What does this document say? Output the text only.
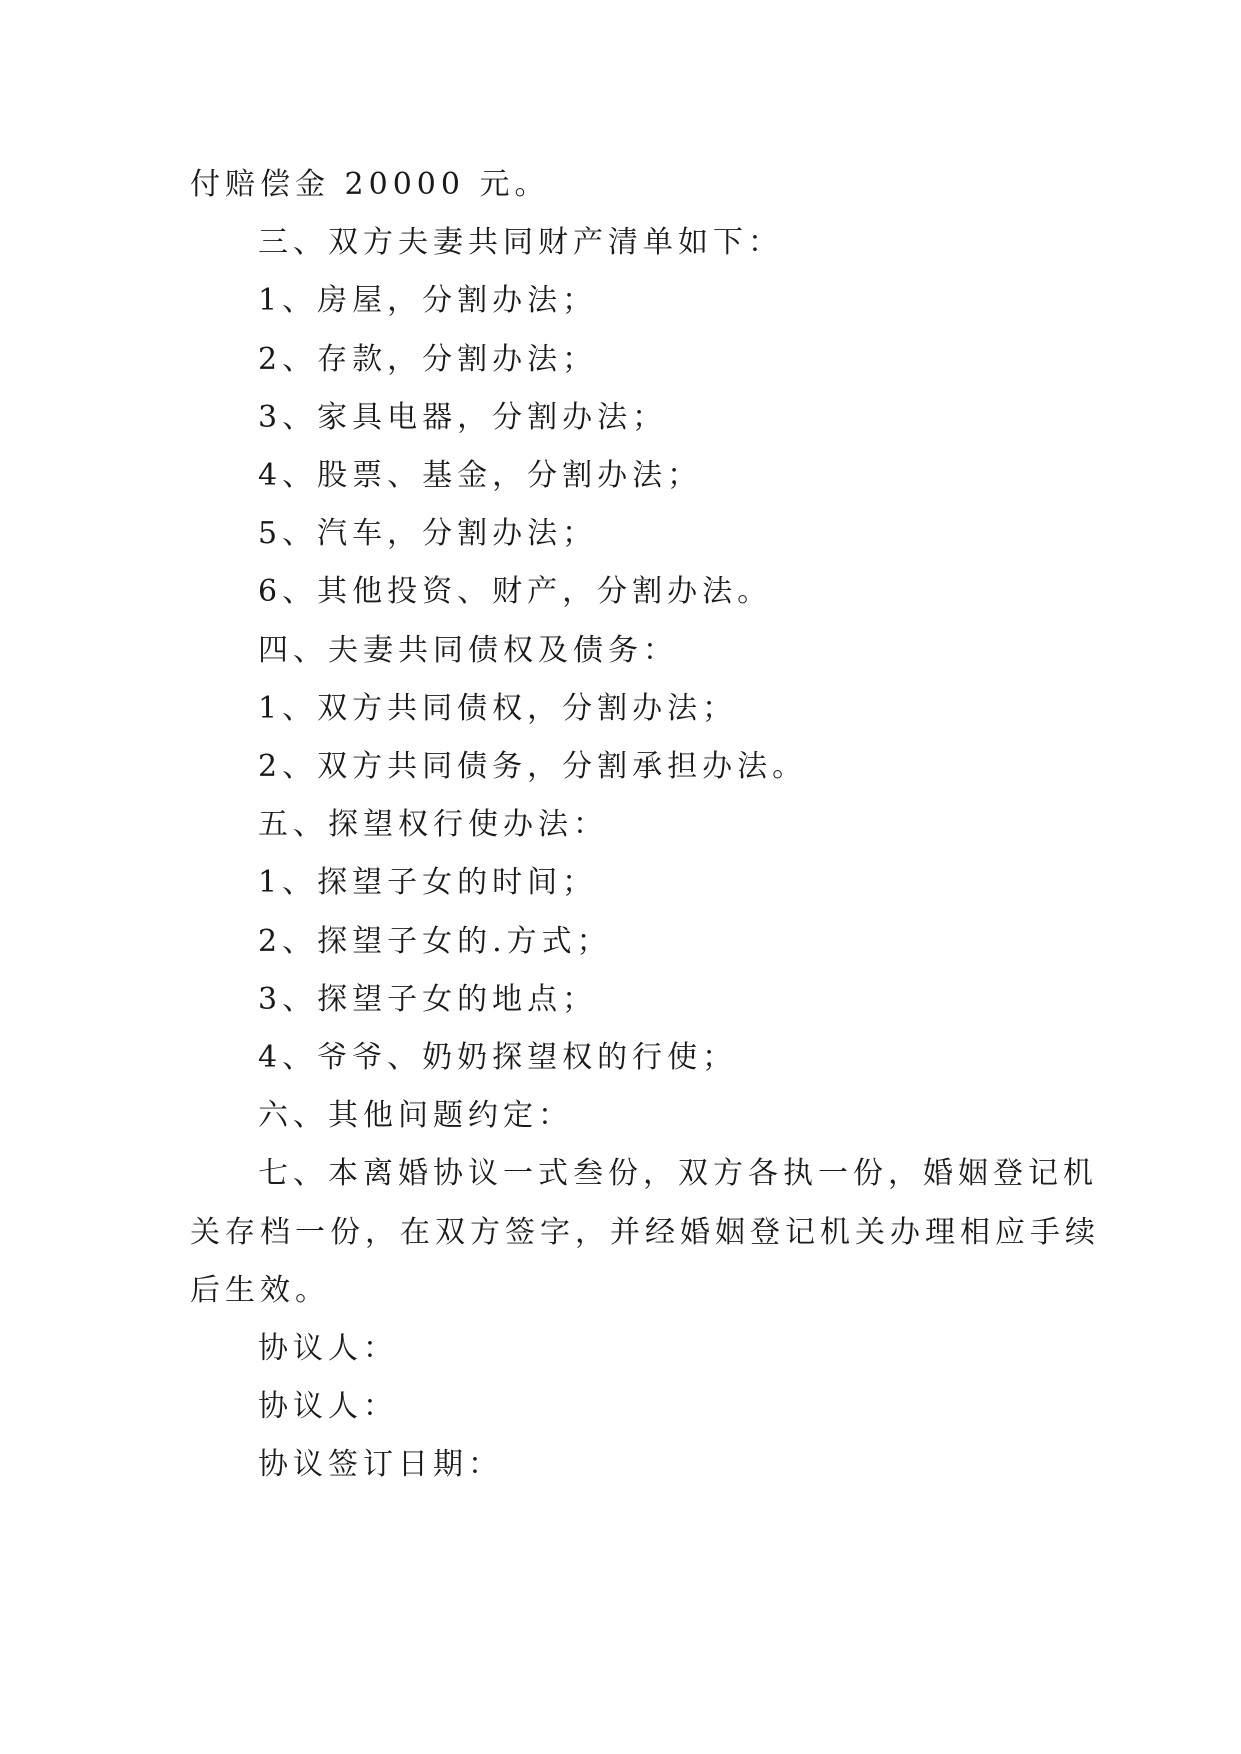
付赔偿金 20000 元。

三、双方夫妻共同财产清单如下：

1、房屋，分割办法；

2、存款，分割办法；

3、家具电器，分割办法；

4、股票、基金，分割办法；

5、汽车，分割办法；

6、其他投资、财产，分割办法。

四、夫妻共同债权及债务：

1、双方共同债权，分割办法；

2、双方共同债务，分割承担办法。

五、探望权行使办法：

1、探望子女的时间；

2、探望子女的.方式；

3、探望子女的地点；

4、爷爷、奶奶探望权的行使；

六、其他问题约定：

七、本离婚协议一式叁份，双方各执一份，婚姻登记机

关存档一份，在双方签字，并经婚姻登记机关办理相应手续

后生效。

协议人：

协议人：

协议签订日期：
